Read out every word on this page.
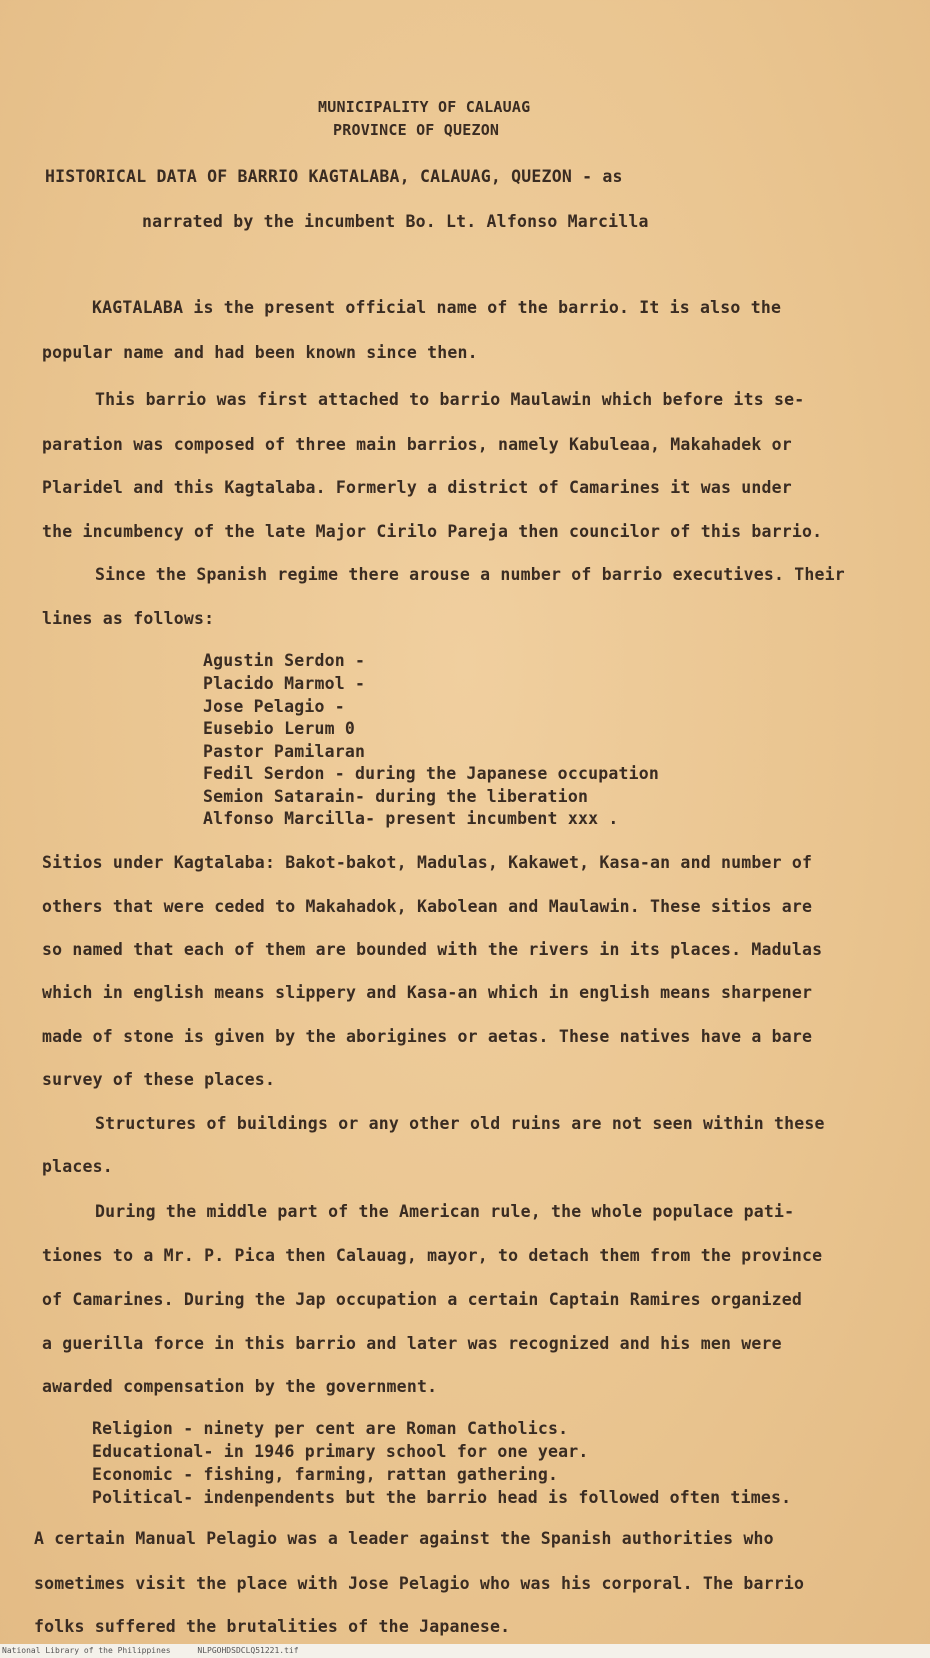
MUNICIPALITY OF CALAUAG
PROVINCE OF QUEZON
HISTORICAL DATA OF BARRIO KAGTALABA, CALAUAG, QUEZON - as
narrated by the incumbent Bo. Lt. Alfonso Marcilla
KAGTALABA is the present official name of the barrio. It is also the
popular name and had been known since then.
This barrio was first attached to barrio Maulawin which before its se-
paration was composed of three main barrios, namely Kabuleaa, Makahadek or
Plaridel and this Kagtalaba. Formerly a district of Camarines it was under
the incumbency of the late Major Cirilo Pareja then councilor of this barrio.
Since the Spanish regime there arouse a number of barrio executives. Their
lines as follows:
Agustin Serdon -
Placido Marmol -
Jose Pelagio -
Eusebio Lerum 0
Pastor Pamilaran
Fedil Serdon - during the Japanese occupation
Semion Satarain- during the liberation
Alfonso Marcilla- present incumbent xxx .
Sitios under Kagtalaba: Bakot-bakot, Madulas, Kakawet, Kasa-an and number of
others that were ceded to Makahadok, Kabolean and Maulawin. These sitios are
so named that each of them are bounded with the rivers in its places. Madulas
which in english means slippery and Kasa-an which in english means sharpener
made of stone is given by the aborigines or aetas. These natives have a bare
survey of these places.
Structures of buildings or any other old ruins are not seen within these
places.
During the middle part of the American rule, the whole populace pati-
tiones to a Mr. P. Pica then Calauag, mayor, to detach them from the province
of Camarines. During the Jap occupation a certain Captain Ramires organized
a guerilla force in this barrio and later was recognized and his men were
awarded compensation by the government.
Religion - ninety per cent are Roman Catholics.
Educational- in 1946 primary school for one year.
Economic - fishing, farming, rattan gathering.
Political- indenpendents but the barrio head is followed often times.
A certain Manual Pelagio was a leader against the Spanish authorities who
sometimes visit the place with Jose Pelagio who was his corporal. The barrio
folks suffered the brutalities of the Japanese.
National Library of the Philippines	NLPGOHDSDCLQ51221.tif
